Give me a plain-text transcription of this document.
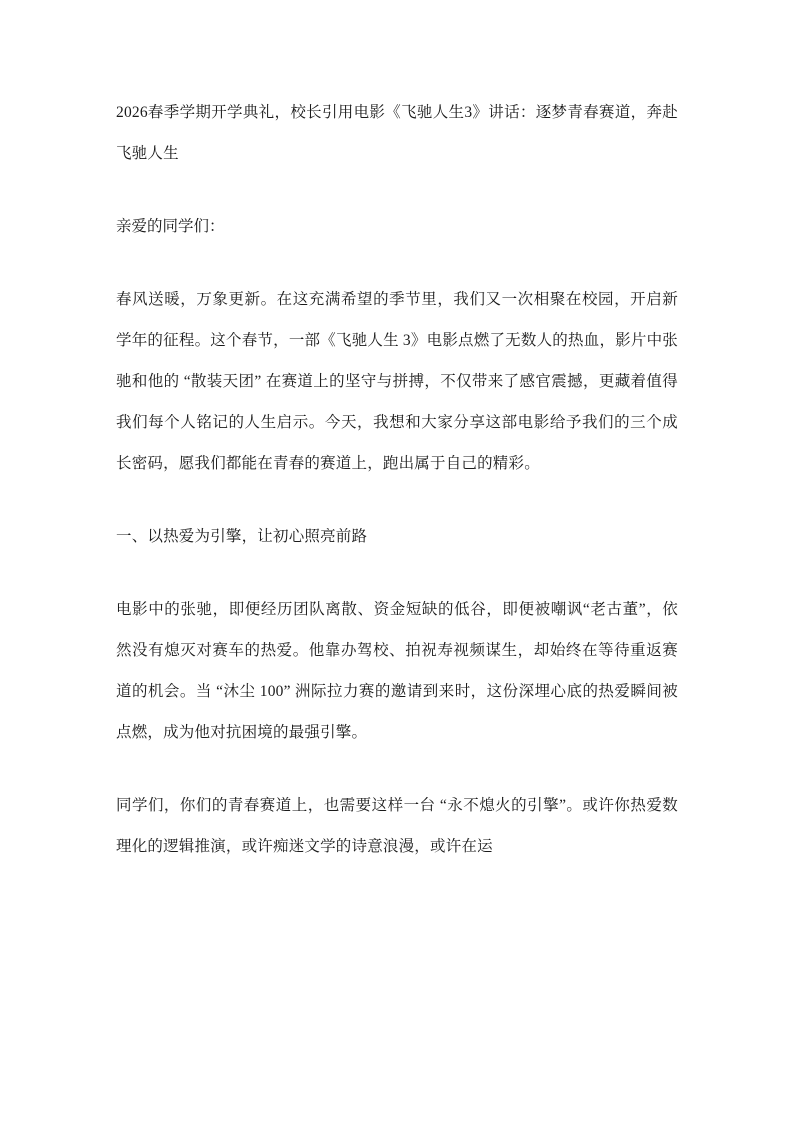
2026春季学期开学典礼，校长引用电影《飞驰人生3》讲话：逐梦青春赛道，奔赴飞驰人生
亲爱的同学们：
春风送暖，万象更新。在这充满希望的季节里，我们又一次相聚在校园，开启新学年的征程。这个春节，一部《飞驰人生 3》电影点燃了无数人的热血，影片中张驰和他的 “散装天团” 在赛道上的坚守与拼搏，不仅带来了感官震撼，更藏着值得我们每个人铭记的人生启示。今天，我想和大家分享这部电影给予我们的三个成长密码，愿我们都能在青春的赛道上，跑出属于自己的精彩。
一、以热爱为引擎，让初心照亮前路
电影中的张驰，即便经历团队离散、资金短缺的低谷，即便被嘲讽“老古董”，依然没有熄灭对赛车的热爱。他靠办驾校、拍祝寿视频谋生，却始终在等待重返赛道的机会。当 “沐尘 100” 洲际拉力赛的邀请到来时，这份深埋心底的热爱瞬间被点燃，成为他对抗困境的最强引擎。
同学们，你们的青春赛道上，也需要这样一台 “永不熄火的引擎”。或许你热爱数理化的逻辑推演，或许痴迷文学的诗意浪漫，或许在运
